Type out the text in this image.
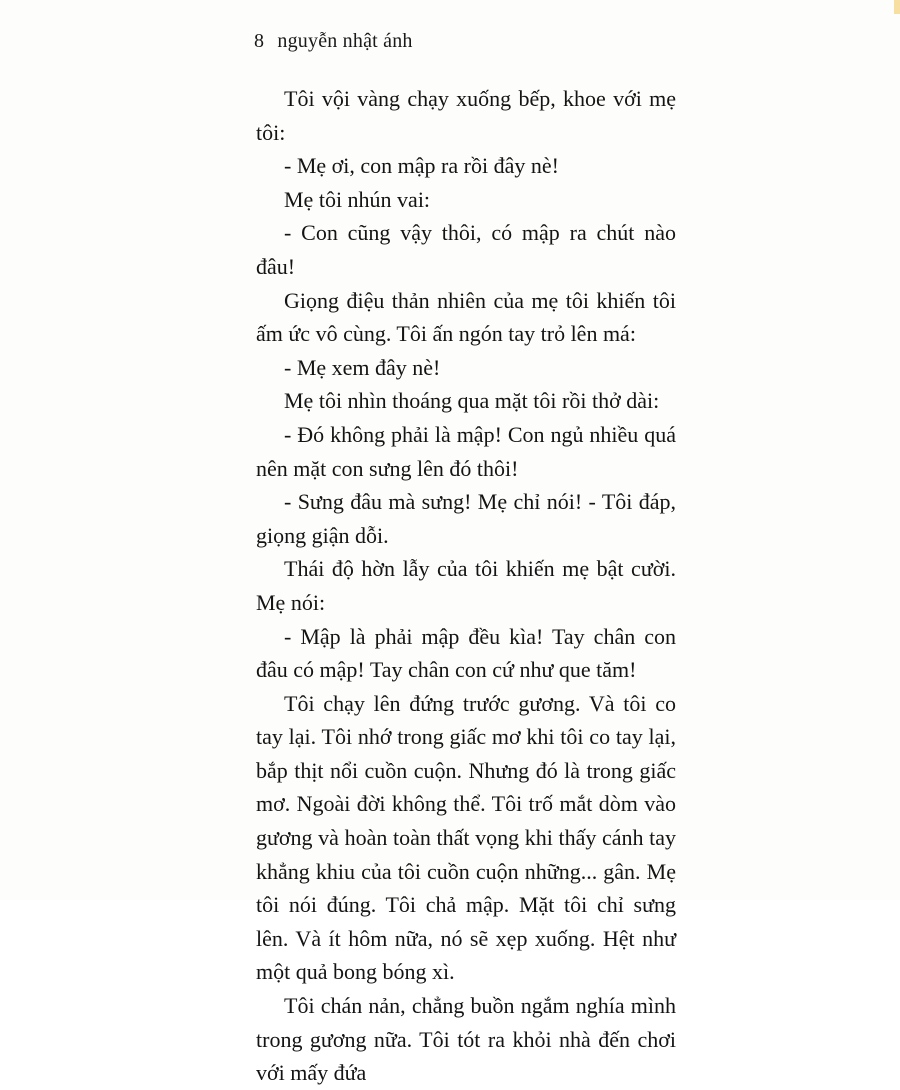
8 nguyễn nhật ánh

Tôi vội vàng chạy xuống bếp, khoe với mẹ tôi:

- Mẹ ơi, con mập ra rồi đây nè!

Mẹ tôi nhún vai:

- Con cũng vậy thôi, có mập ra chút nào đâu!

Giọng điệu thản nhiên của mẹ tôi khiến tôi ấm ức vô cùng. Tôi ấn ngón tay trỏ lên má:

- Mẹ xem đây nè!

Mẹ tôi nhìn thoáng qua mặt tôi rồi thở dài:

- Đó không phải là mập! Con ngủ nhiều quá nên mặt con sưng lên đó thôi!

- Sưng đâu mà sưng! Mẹ chỉ nói! - Tôi đáp, giọng giận dỗi.

Thái độ hờn lẫy của tôi khiến mẹ bật cười. Mẹ nói:

- Mập là phải mập đều kìa! Tay chân con đâu có mập! Tay chân con cứ như que tăm!

Tôi chạy lên đứng trước gương. Và tôi co tay lại. Tôi nhớ trong giấc mơ khi tôi co tay lại, bắp thịt nổi cuồn cuộn. Nhưng đó là trong giấc mơ. Ngoài đời không thể. Tôi trố mắt dòm vào gương và hoàn toàn thất vọng khi thấy cánh tay khẳng khiu của tôi cuồn cuộn những... gân. Mẹ tôi nói đúng. Tôi chả mập. Mặt tôi chỉ sưng lên. Và ít hôm nữa, nó sẽ xẹp xuống. Hệt như một quả bong bóng xì.

Tôi chán nản, chẳng buồn ngắm nghía mình trong gương nữa. Tôi tót ra khỏi nhà đến chơi với mấy đứa
